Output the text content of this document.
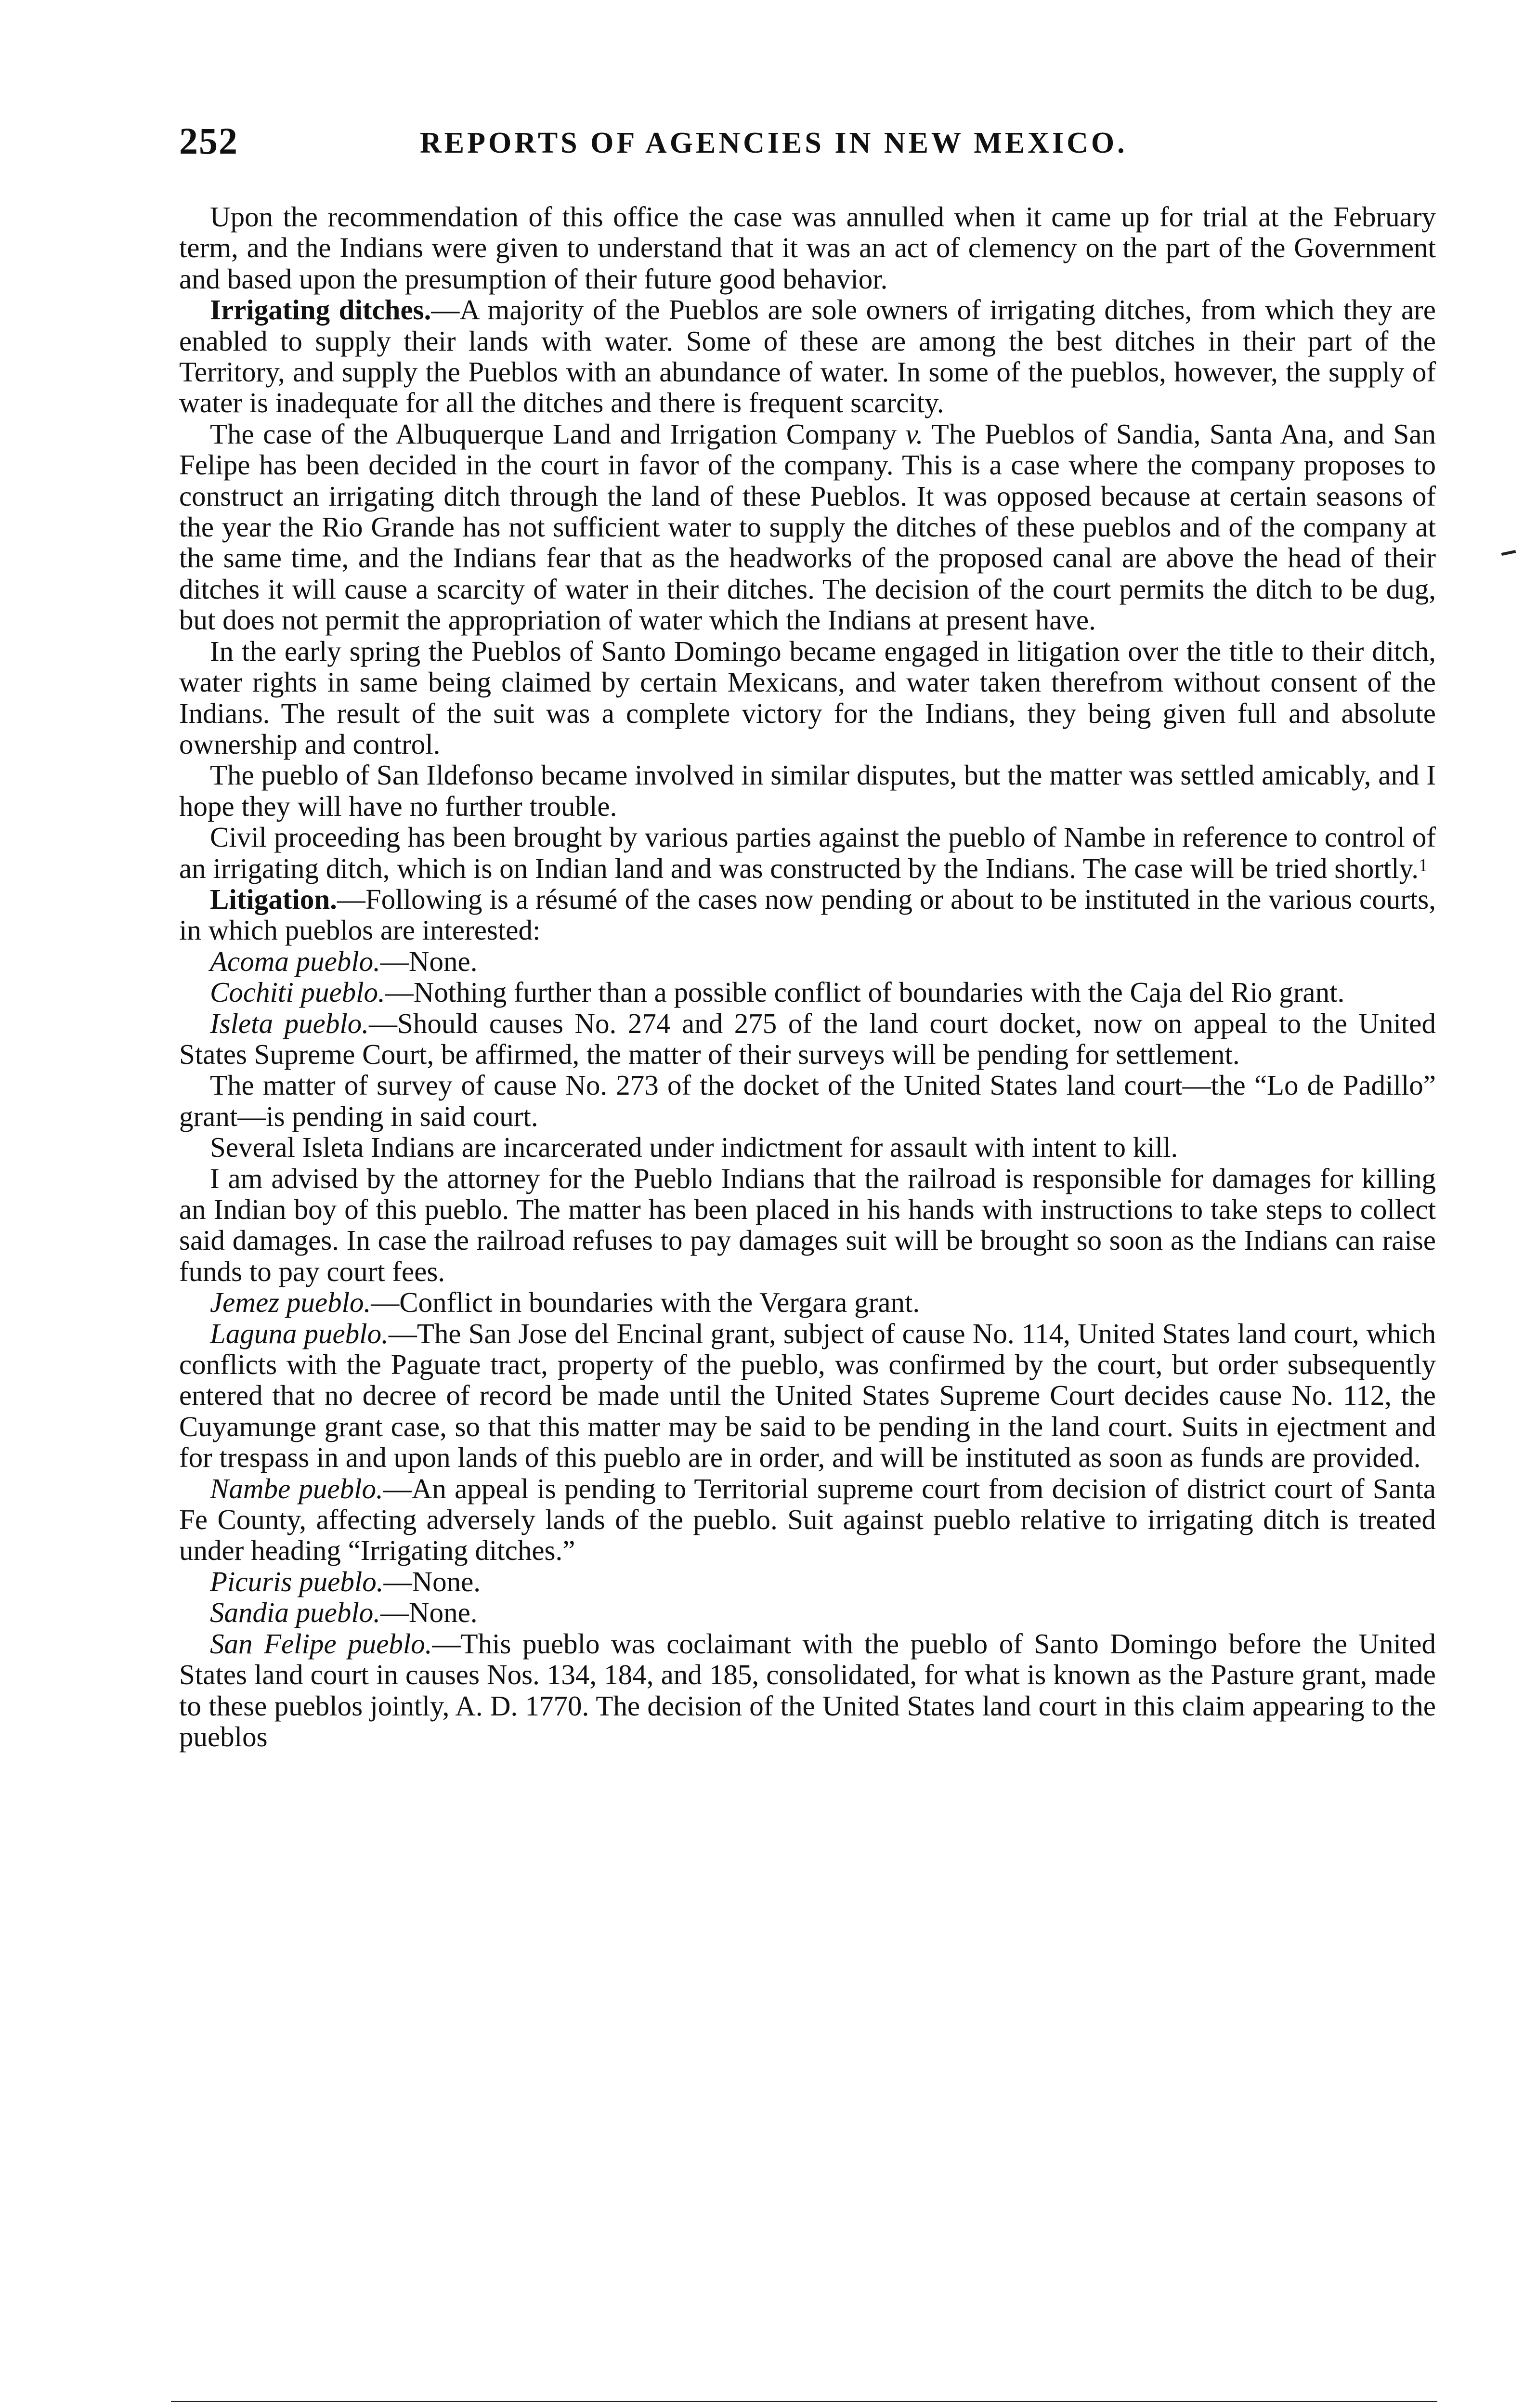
252	REPORTS OF AGENCIES IN NEW MEXICO.

Upon the recommendation of this office the case was annulled when it came up for trial at the February term, and the Indians were given to understand that it was an act of clemency on the part of the Government and based upon the presumption of their future good behavior.

Irrigating ditches.—A majority of the Pueblos are sole owners of irrigating ditches, from which they are enabled to supply their lands with water. Some of these are among the best ditches in their part of the Territory, and supply the Pueblos with an abundance of water. In some of the pueblos, however, the supply of water is inadequate for all the ditches and there is frequent scarcity.

The case of the Albuquerque Land and Irrigation Company v. The Pueblos of Sandia, Santa Ana, and San Felipe has been decided in the court in favor of the company. This is a case where the company proposes to construct an irrigating ditch through the land of these Pueblos. It was opposed because at certain seasons of the year the Rio Grande has not sufficient water to supply the ditches of these pueblos and of the company at the same time, and the Indians fear that as the headworks of the proposed canal are above the head of their ditches it will cause a scarcity of water in their ditches. The decision of the court permits the ditch to be dug, but does not permit the appropriation of water which the Indians at present have.

In the early spring the Pueblos of Santo Domingo became engaged in litigation over the title to their ditch, water rights in same being claimed by certain Mexicans, and water taken therefrom without consent of the Indians. The result of the suit was a complete victory for the Indians, they being given full and absolute ownership and control.

The pueblo of San Ildefonso became involved in similar disputes, but the matter was settled amicably, and I hope they will have no further trouble.

Civil proceeding has been brought by various parties against the pueblo of Nambe in reference to control of an irrigating ditch, which is on Indian land and was constructed by the Indians. The case will be tried shortly.$^1$

Litigation.—Following is a résumé of the cases now pending or about to be instituted in the various courts, in which pueblos are interested:

Acoma pueblo.—None.

Cochiti pueblo.—Nothing further than a possible conflict of boundaries with the Caja del Rio grant.

Isleta pueblo.—Should causes No. 274 and 275 of the land court docket, now on appeal to the United States Supreme Court, be affirmed, the matter of their surveys will be pending for settlement.

The matter of survey of cause No. 273 of the docket of the United States land court—the “Lo de Padillo” grant—is pending in said court.

Several Isleta Indians are incarcerated under indictment for assault with intent to kill.

I am advised by the attorney for the Pueblo Indians that the railroad is responsible for damages for killing an Indian boy of this pueblo. The matter has been placed in his hands with instructions to take steps to collect said damages. In case the railroad refuses to pay damages suit will be brought so soon as the Indians can raise funds to pay court fees.

Jemez pueblo.—Conflict in boundaries with the Vergara grant.

Laguna pueblo.—The San Jose del Encinal grant, subject of cause No. 114, United States land court, which conflicts with the Paguate tract, property of the pueblo, was confirmed by the court, but order subsequently entered that no decree of record be made until the United States Supreme Court decides cause No. 112, the Cuyamunge grant case, so that this matter may be said to be pending in the land court. Suits in ejectment and for trespass in and upon lands of this pueblo are in order, and will be instituted as soon as funds are provided.

Nambe pueblo.—An appeal is pending to Territorial supreme court from decision of district court of Santa Fe County, affecting adversely lands of the pueblo. Suit against pueblo relative to irrigating ditch is treated under heading “Irrigating ditches.”

Picuris pueblo.—None.

Sandia pueblo.—None.

San Felipe pueblo.—This pueblo was coclaimant with the pueblo of Santo Domingo before the United States land court in causes Nos. 134, 184, and 185, consolidated, for what is known as the Pasture grant, made to these pueblos jointly, A. D. 1770. The decision of the United States land court in this claim appearing to the pueblos
